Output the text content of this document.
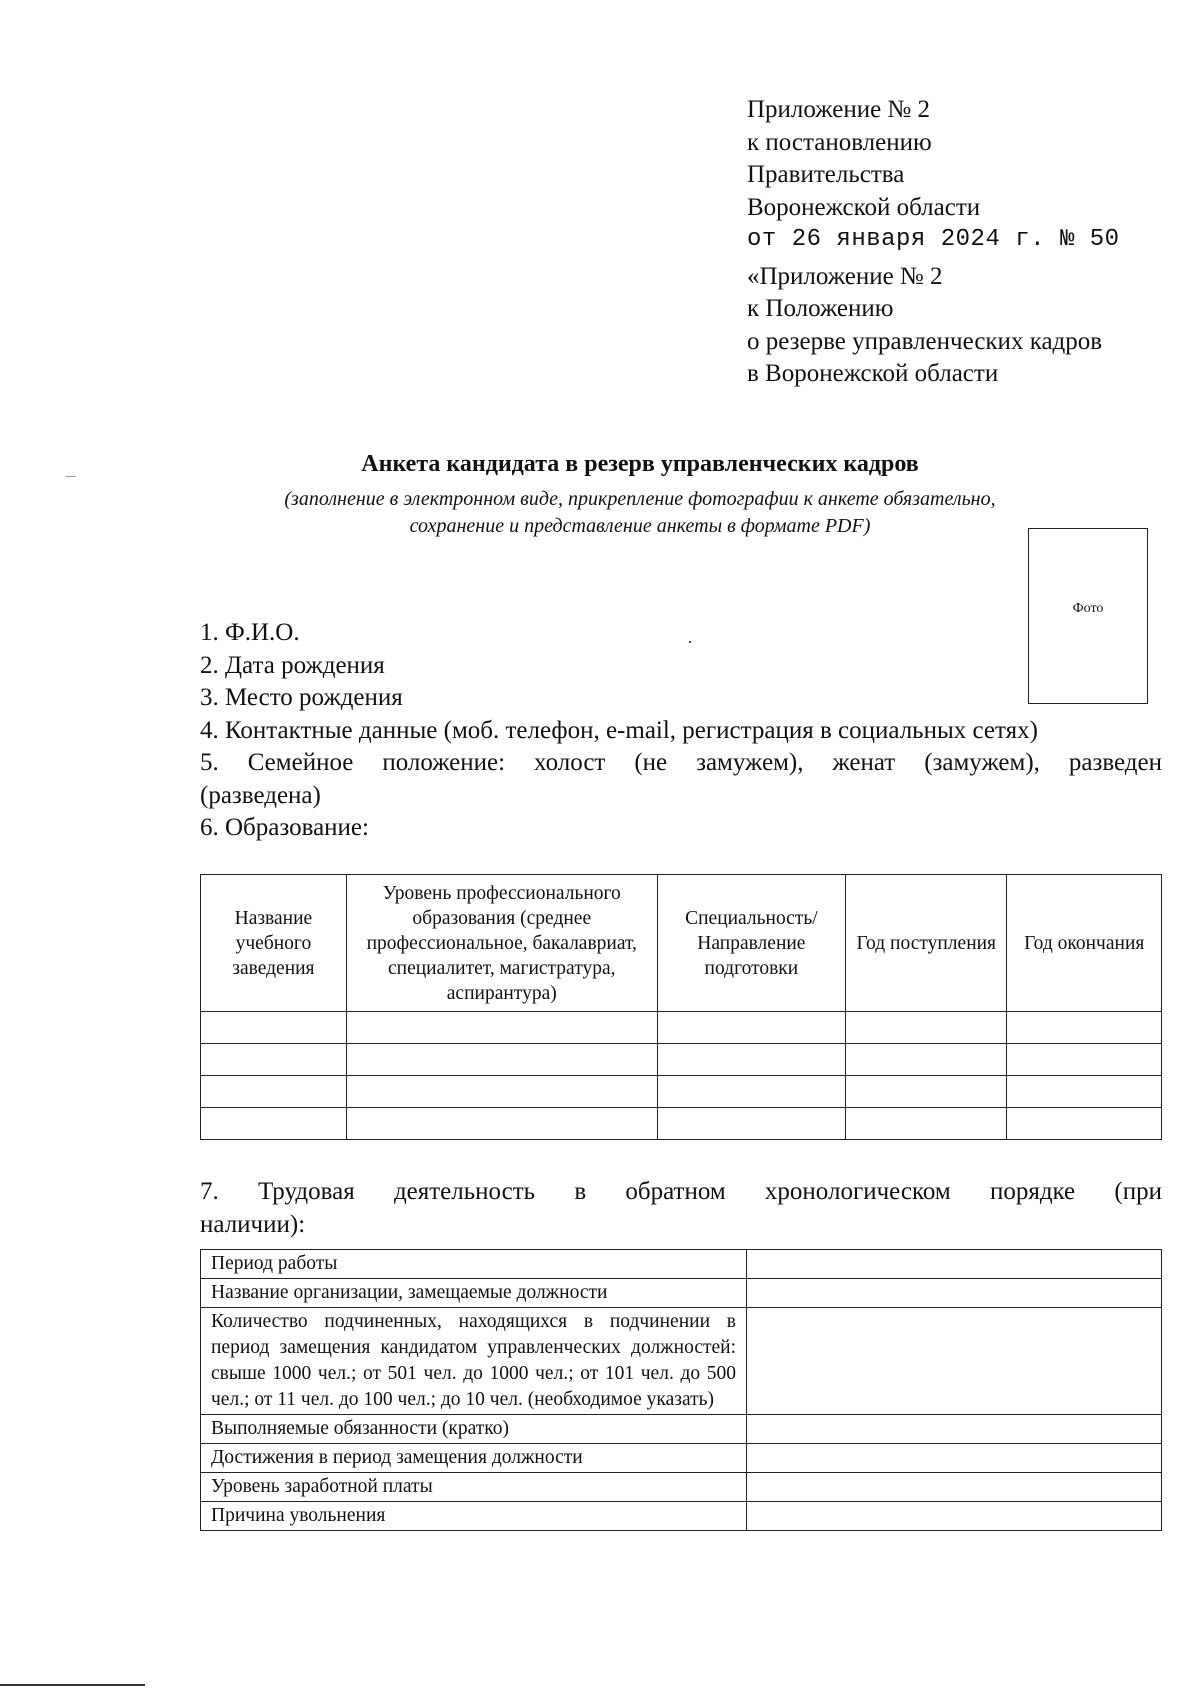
Приложение № 2
к постановлению
Правительства
Воронежской области
от 26 января 2024 г. № 50
«Приложение № 2
к Положению
о резерве управленческих кадров
в Воронежской области
Анкета кандидата в резерв управленческих кадров
(заполнение в электронном виде, прикрепление фотографии к анкете обязательно,
сохранение и представление анкеты в формате PDF)
Фото
1. Ф.И.О.
2. Дата рождения
3. Место рождения
4. Контактные данные (моб. телефон, e-mail, регистрация в социальных сетях)
5. Семейное положение: холост (не замужем), женат (замужем), разведен
(разведена)
6. Образование:
Название учебного заведения	Уровень профессионального образования (среднее профессиональное, бакалавриат, специалитет, магистратура, аспирантура)	Специальность/ Направление подготовки	Год поступления	Год окончания

7. Трудовая деятельность в обратном хронологическом порядке (при
наличии):
Период работы	
Название организации, замещаемые должности	
Количество подчиненных, находящихся в подчинении в период замещения кандидатом управленческих должностей: свыше 1000 чел.; от 501 чел. до 1000 чел.; от 101 чел. до 500 чел.; от 11 чел. до 100 чел.; до 10 чел. (необходимое указать)	
Выполняемые обязанности (кратко)	
Достижения в период замещения должности	
Уровень заработной платы	
Причина увольнения	
